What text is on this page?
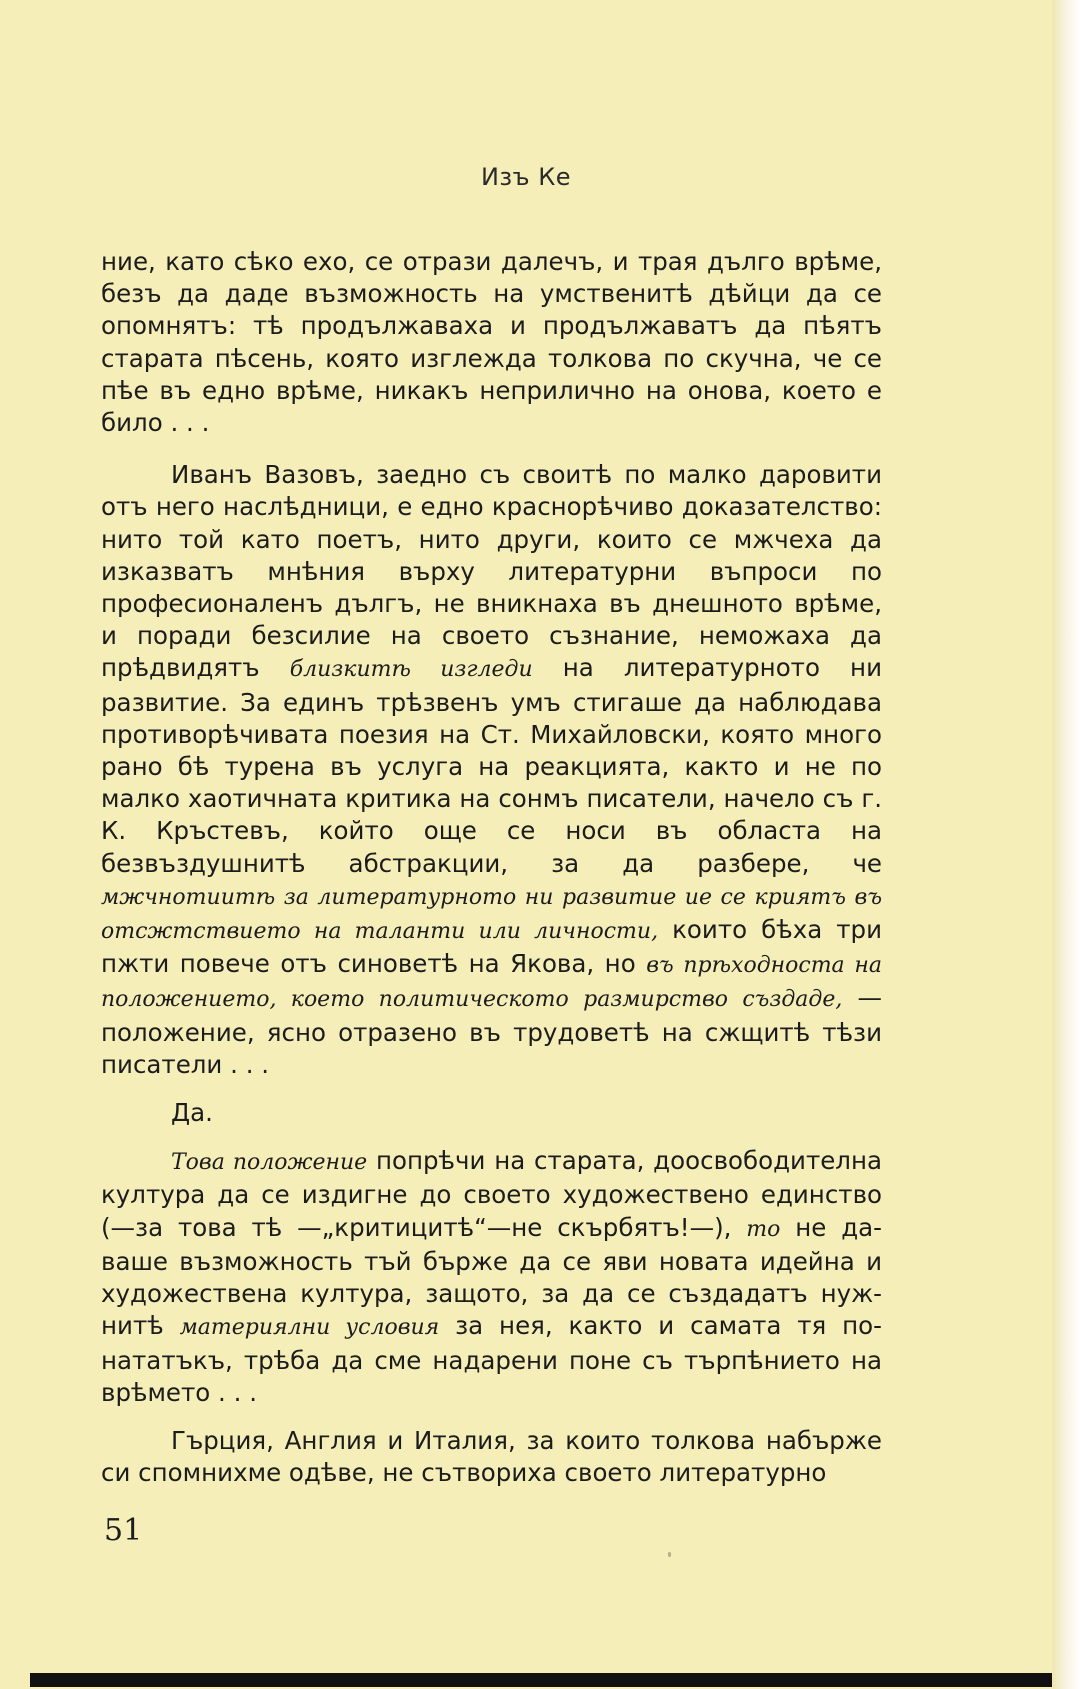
Изъ Ке

ние, като сѣко ехо, се отрази далечъ, и трая дълго врѣме, безъ да даде възможность на умственитѣ дѣйци да се опомнятъ: тѣ продължаваха и продължаватъ да пѣятъ старата пѣсень, която изглежда толкова по скучна, че се пѣе въ едно врѣме, никакъ неприлично на онова, което е било . . .

Иванъ Вазовъ, заедно съ своитѣ по малко даровити отъ него наслѣдници, е едно краснорѣчиво доказателство: нито той като поетъ, нито други, които се мжчеха да изказватъ мнѣния върху литературни въпроси по професионаленъ дългъ, не вникнаха въ днешното врѣме, и поради безсилие на своето съзнание, неможаха да прѣдвидятъ близкитѣ изгледи на литературното ни развитие. За единъ трѣзвенъ умъ стигаше да наблюдава противорѣчивата поезия на Ст. Михайловски, която много рано бѣ турена въ услуга на реакцията, както и не по малко хаотичната критика на сонмъ писатели, начело съ г. К. Кръстевъ, който още се носи въ областа на безвъздушнитѣ абстракции, за да разбере, че мжчнотиитѣ за литературното ни развитие ие се криятъ въ отсжтствието на таланти или личности, които бѣха три пжти повече отъ синоветѣ на Якова, но въ прѣходноста на положението, което политическото размирство създаде, — положение, ясно отразено въ трудоветѣ на сжщитѣ тѣзи писатели . . .

Да.

Това положение попрѣчи на старата, доосвободителна култура да се издигне до своето художествено единство (—за това тѣ —„критицитѣ“—не скърбятъ!—), то не даваше възможность тъй бърже да се яви новата идейна и художествена култура, защото, за да се създадатъ нужнитѣ материялни условия за нея, както и самата тя понататъкъ, трѣба да сме надарени поне съ търпѣнието на врѣмето . . .

Гърция, Англия и Италия, за които толкова набърже си спомнихме одѣве, не сътвориха своето литературно

51
